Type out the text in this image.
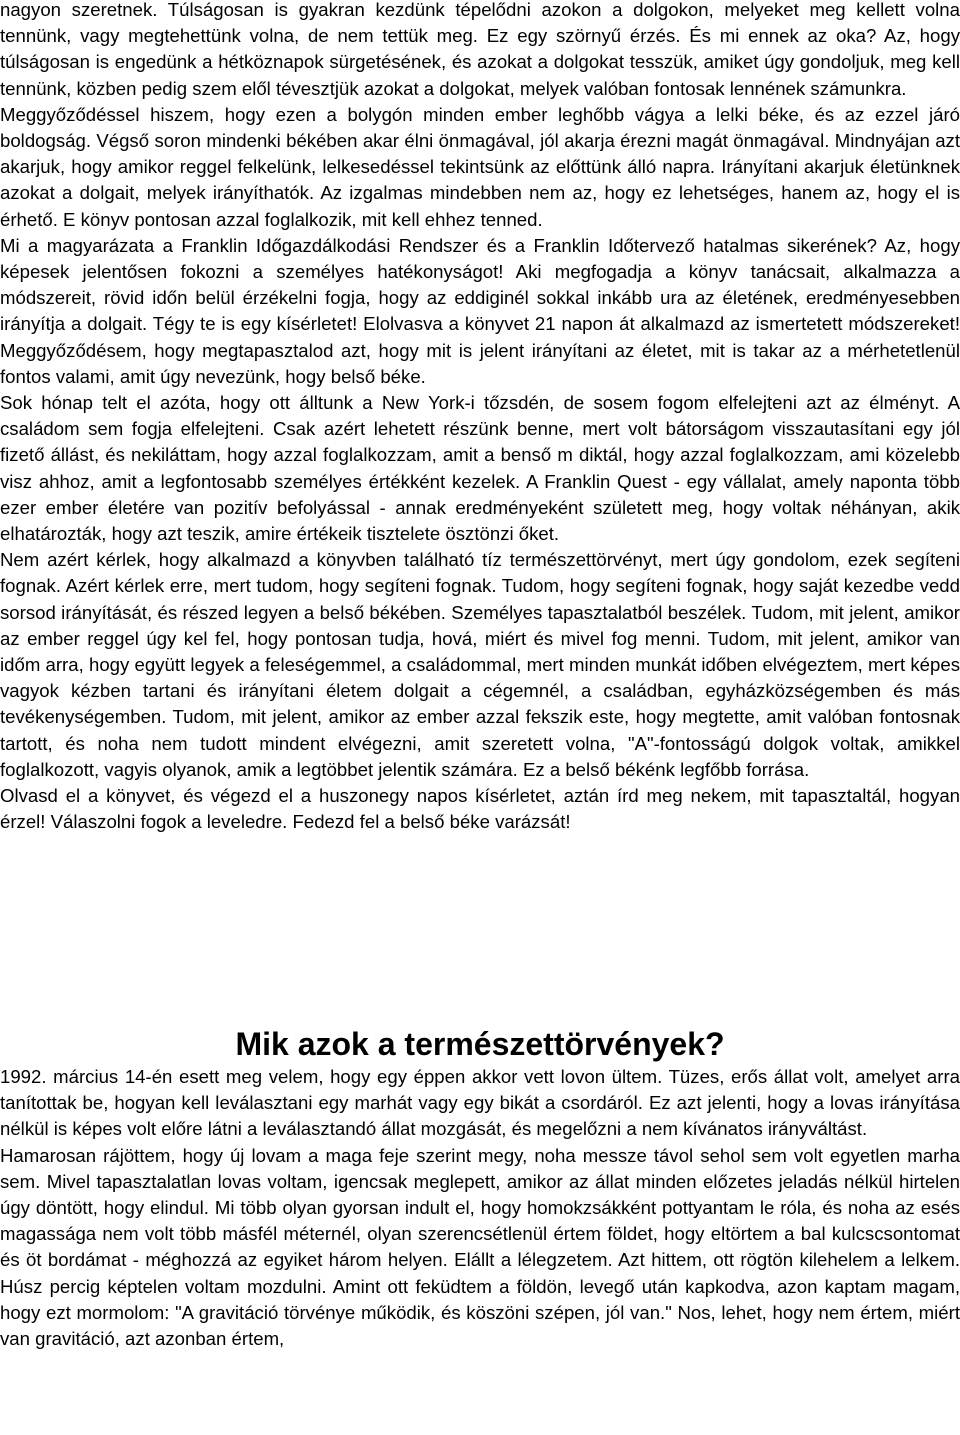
nagyon szeretnek. Túlságosan is gyakran kezdünk tépelődni azokon a dolgokon, melyeket meg kellett volna tennünk, vagy megtehettünk volna, de nem tettük meg. Ez egy szörnyű érzés. És mi ennek az oka? Az, hogy túlságosan is engedünk a hétköznapok sürgetésének, és azokat a dolgokat tesszük, amiket úgy gondoljuk, meg kell tennünk, közben pedig szem elől tévesztjük azokat a dolgokat, melyek valóban fontosak lennének számunkra.
Meggyőződéssel hiszem, hogy ezen a bolygón minden ember leghőbb vágya a lelki béke, és az ezzel járó boldogság. Végső soron mindenki békében akar élni önmagával, jól akarja érezni magát önmagával. Mindnyájan azt akarjuk, hogy amikor reggel felkelünk, lelkesedéssel tekintsünk az előttünk álló napra. Irányítani akarjuk életünknek azokat a dolgait, melyek irányíthatók. Az izgalmas mindebben nem az, hogy ez lehetséges, hanem az, hogy el is érhető. E könyv pontosan azzal foglalkozik, mit kell ehhez tenned.
Mi a magyarázata a Franklin Időgazdálkodási Rendszer és a Franklin Időtervező hatalmas sikerének? Az, hogy képesek jelentősen fokozni a személyes hatékonyságot! Aki megfogadja a könyv tanácsait, alkalmazza a módszereit, rövid időn belül érzékelni fogja, hogy az eddiginél sokkal inkább ura az életének, eredményesebben irányítja a dolgait. Tégy te is egy kísérletet! Elolvasva a könyvet 21 napon át alkalmazd az ismertetett módszereket! Meggyőződésem, hogy megtapasztalod azt, hogy mit is jelent irányítani az életet, mit is takar az a mérhetetlenül fontos valami, amit úgy nevezünk, hogy belső béke.
Sok hónap telt el azóta, hogy ott álltunk a New York-i tőzsdén, de sosem fogom elfelejteni azt az élményt. A családom sem fogja elfelejteni. Csak azért lehetett részünk benne, mert volt bátorságom visszautasítani egy jól fizető állást, és nekiláttam, hogy azzal foglalkozzam, amit a benső m diktál, hogy azzal foglalkozzam, ami közelebb visz ahhoz, amit a legfontosabb személyes értékként kezelek. A Franklin Quest - egy vállalat, amely naponta több ezer ember életére van pozitív befolyással - annak eredményeként született meg, hogy voltak néhányan, akik elhatározták, hogy azt teszik, amire értékeik tisztelete ösztönzi őket.
Nem azért kérlek, hogy alkalmazd a könyvben található tíz természettörvényt, mert úgy gondolom, ezek segíteni fognak. Azért kérlek erre, mert tudom, hogy segíteni fognak. Tudom, hogy segíteni fognak, hogy saját kezedbe vedd sorsod irányítását, és részed legyen a belső békében. Személyes tapasztalatból beszélek. Tudom, mit jelent, amikor az ember reggel úgy kel fel, hogy pontosan tudja, hová, miért és mivel fog menni. Tudom, mit jelent, amikor van időm arra, hogy együtt legyek a feleségemmel, a családommal, mert minden munkát időben elvégeztem, mert képes vagyok kézben tartani és irányítani életem dolgait a cégemnél, a családban, egyházközségemben és más tevékenységemben. Tudom, mit jelent, amikor az ember azzal fekszik este, hogy megtette, amit valóban fontosnak tartott, és noha nem tudott mindent elvégezni, amit szeretett volna, "A"-fontosságú dolgok voltak, amikkel foglalkozott, vagyis olyanok, amik a legtöbbet jelentik számára. Ez a belső békénk legfőbb forrása.
Olvasd el a könyvet, és végezd el a huszonegy napos kísérletet, aztán írd meg nekem, mit tapasztaltál, hogyan érzel! Válaszolni fogok a levеledre. Fedezd fel a belső béke varázsát!
Mik azok a természettörvények?
1992. március 14-én esett meg velem, hogy egy éppen akkor vett lovon ültem. Tüzes, erős állat volt, amelyet arra tanítottak be, hogyan kell leválasztani egy marhát vagy egy bikát a csordáról. Ez azt jelenti, hogy a lovas irányítása nélkül is képes volt előre látni a leválasztandó állat mozgását, és megelőzni a nem kívánatos irányváltást.
Hamarosan rájöttem, hogy új lovam a maga feje szerint megy, noha messze távol sehol sem volt egyetlen marha sem. Mivel tapasztalatlan lovas voltam, igencsak meglepett, amikor az állat minden előzetes jeladás nélkül hirtelen úgy döntött, hogy elindul. Mi több olyan gyorsan indult el, hogy homokzsákként pottyantam le róla, és noha az esés magassága nem volt több másfél méternél, olyan szerencsétlenül értem földet, hogy eltörtem a bal kulcscsontomat és öt bordámat - méghozzá az egyiket három helyen. Elállt a lélegzetem. Azt hittem, ott rögtön kilehelem a lelkem. Húsz percig képtelen voltam mozdulni. Amint ott feküdtem a földön, levegő után kapkodva, azon kaptam magam, hogy ezt mormolom: "A gravitáció törvénye működik, és köszöni szépen, jól van." Nos, lehet, hogy nem értem, miért van gravitáció, azt azonban értem,
